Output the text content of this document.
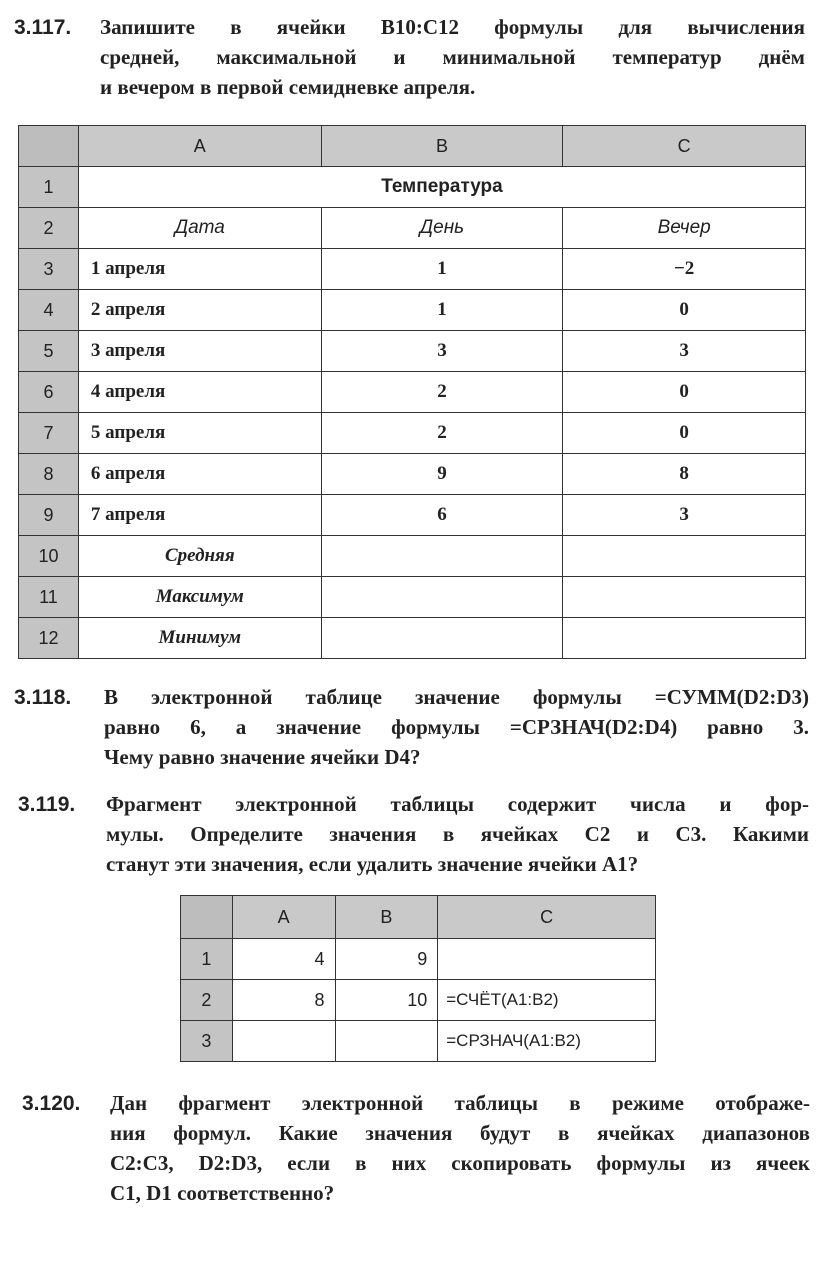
3.117. Запишите в ячейки B10:C12 формулы для вычисления
средней, максимальной и минимальной температур днём
и вечером в первой семидневке апреля.
	A	B	C
1	Температура		
2	Дата	День	Вечер
3	1 апреля	1	−2
4	2 апреля	1	0
5	3 апреля	3	3
6	4 апреля	2	0
7	5 апреля	2	0
8	6 апреля	9	8
9	7 апреля	6	3
10	Средняя		
11	Максимум		
12	Минимум		
3.118. В электронной таблице значение формулы =СУММ(D2:D3)
равно 6, а значение формулы =СРЗНАЧ(D2:D4) равно 3.
Чему равно значение ячейки D4?
3.119. Фрагмент электронной таблицы содержит числа и фор-
мулы. Определите значения в ячейках C2 и C3. Какими
станут эти значения, если удалить значение ячейки A1?
	A	B	C
1	4	9	
2	8	10	=СЧЁТ(A1:B2)
3			=СРЗНАЧ(A1:B2)
3.120. Дан фрагмент электронной таблицы в режиме отображе-
ния формул. Какие значения будут в ячейках диапазонов
C2:C3, D2:D3, если в них скопировать формулы из ячеек
C1, D1 соответственно?
